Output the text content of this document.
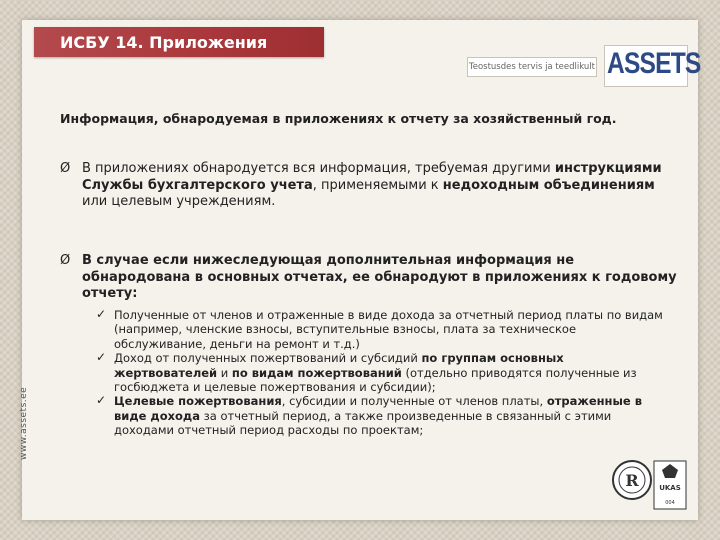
ИСБУ 14. Приложения
Teostusdes tervis ja teedlikult ASSETS
www.assets.ee
Информация, обнародуемая в приложениях к отчету за хозяйственный год.
Ø В приложениях обнародуется вся информация, требуемая другими инструкциями Службы бухгалтерского учета, применяемыми к недоходным объединениям или целевым учреждениям.
Ø В случае если нижеследующая дополнительная информация не обнародована в основных отчетах, ее обнародуют в приложениях к годовому отчету:
✓ Полученные от членов и отраженные в виде дохода за отчетный период платы по видам (например, членские взносы, вступительные взносы, плата за техническое обслуживание, деньги на ремонт и т.д.)
✓ Доход от полученных пожертвований и субсидий по группам основных жертвователей и по видам пожертвований (отдельно приводятся полученные из госбюджета и целевые пожертвования и субсидии);
✓ Целевые пожертвования, субсидии и полученные от членов платы, отраженные в виде дохода за отчетный период, а также произведенные в связанный с этими доходами отчетный период расходы по проектам;
R	UKAS
004
